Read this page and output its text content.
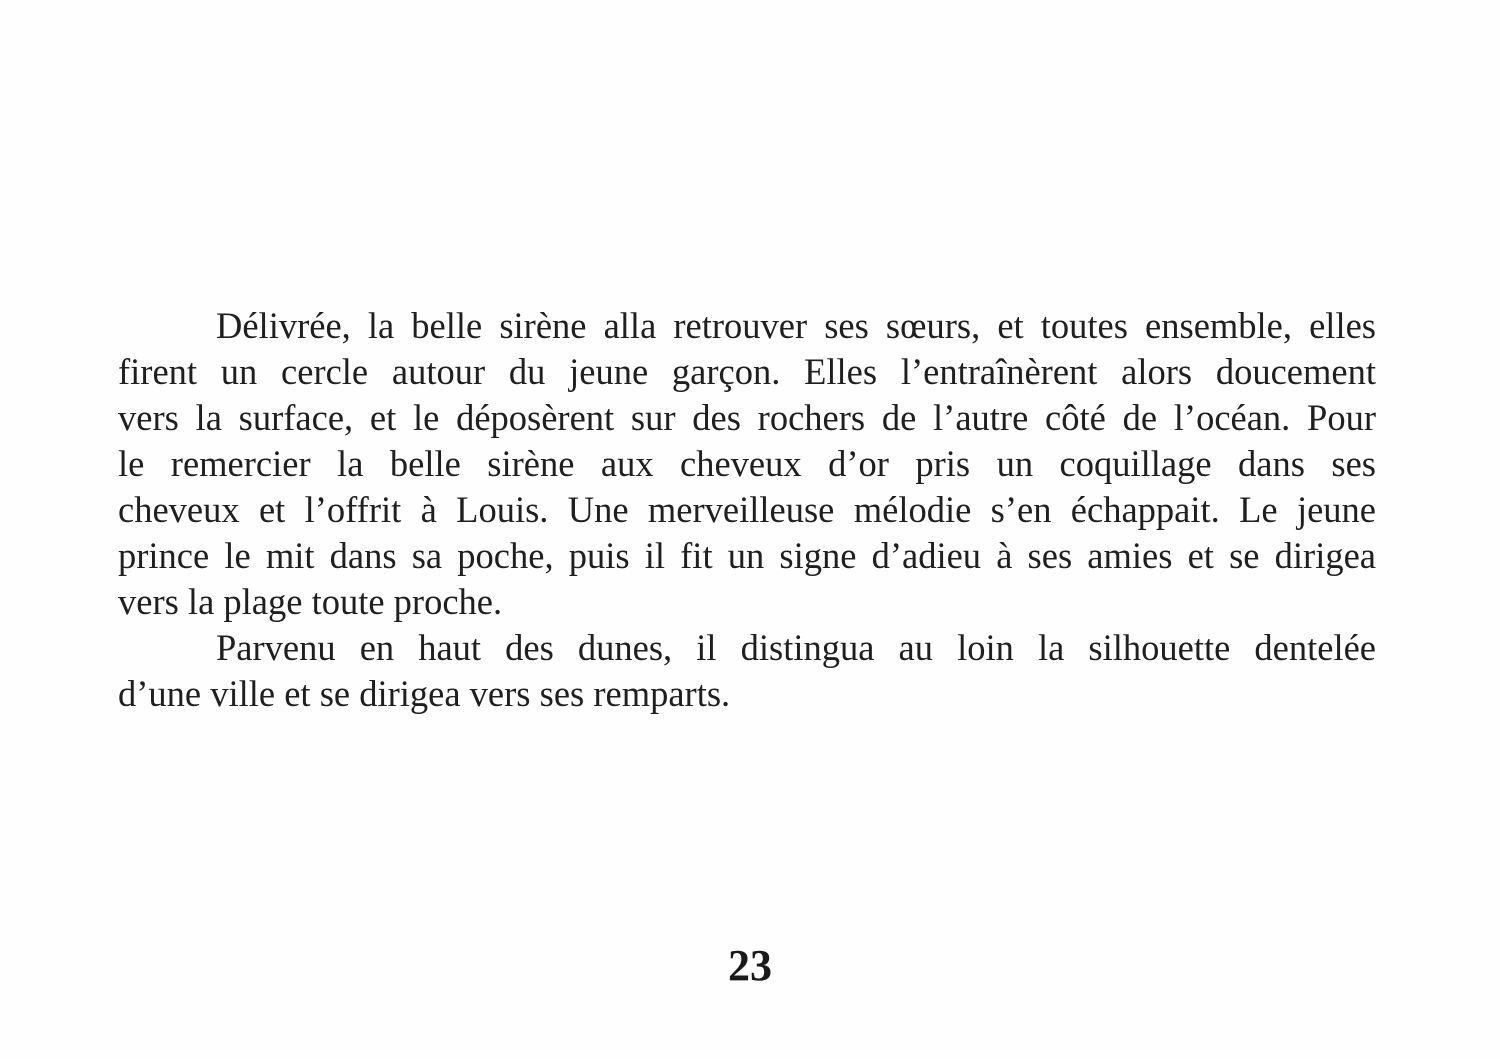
Délivrée, la belle sirène alla retrouver ses sœurs, et toutes ensemble, elles
firent un cercle autour du jeune garçon. Elles l’entraînèrent alors doucement
vers la surface, et le déposèrent sur des rochers de l’autre côté de l’océan. Pour
le remercier la belle sirène aux cheveux d’or pris un coquillage dans ses
cheveux et l’offrit à Louis. Une merveilleuse mélodie s’en échappait. Le jeune
prince le mit dans sa poche, puis il fit un signe d’adieu à ses amies et se dirigea
vers la plage toute proche.

Parvenu en haut des dunes, il distingua au loin la silhouette dentelée
d’une ville et se dirigea vers ses remparts.

23
